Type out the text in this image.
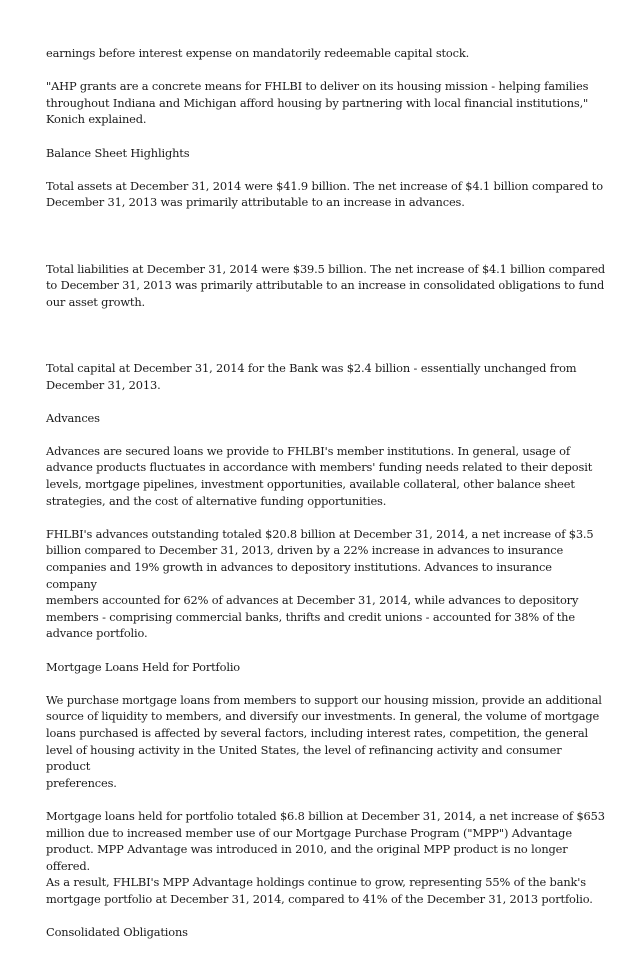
earnings before interest expense on mandatorily redeemable capital stock.

"AHP grants are a concrete means for FHLBI to deliver on its housing mission - helping families
throughout Indiana and Michigan afford housing by partnering with local financial institutions,"
Konich explained.

Balance Sheet Highlights

Total assets at December 31, 2014 were $41.9 billion. The net increase of $4.1 billion compared to
December 31, 2013 was primarily attributable to an increase in advances.

Total liabilities at December 31, 2014 were $39.5 billion. The net increase of $4.1 billion compared
to December 31, 2013 was primarily attributable to an increase in consolidated obligations to fund
our asset growth.

Total capital at December 31, 2014 for the Bank was $2.4 billion - essentially unchanged from
December 31, 2013.

Advances

Advances are secured loans we provide to FHLBI's member institutions. In general, usage of
advance products fluctuates in accordance with members' funding needs related to their deposit
levels, mortgage pipelines, investment opportunities, available collateral, other balance sheet
strategies, and the cost of alternative funding opportunities.

FHLBI's advances outstanding totaled $20.8 billion at December 31, 2014, a net increase of $3.5
billion compared to December 31, 2013, driven by a 22% increase in advances to insurance
companies and 19% growth in advances to depository institutions. Advances to insurance company
members accounted for 62% of advances at December 31, 2014, while advances to depository
members - comprising commercial banks, thrifts and credit unions - accounted for 38% of the
advance portfolio.

Mortgage Loans Held for Portfolio

We purchase mortgage loans from members to support our housing mission, provide an additional
source of liquidity to members, and diversify our investments. In general, the volume of mortgage
loans purchased is affected by several factors, including interest rates, competition, the general
level of housing activity in the United States, the level of refinancing activity and consumer product
preferences.

Mortgage loans held for portfolio totaled $6.8 billion at December 31, 2014, a net increase of $653
million due to increased member use of our Mortgage Purchase Program ("MPP") Advantage
product. MPP Advantage was introduced in 2010, and the original MPP product is no longer offered.
As a result, FHLBI's MPP Advantage holdings continue to grow, representing 55% of the bank's
mortgage portfolio at December 31, 2014, compared to 41% of the December 31, 2013 portfolio.

Consolidated Obligations
